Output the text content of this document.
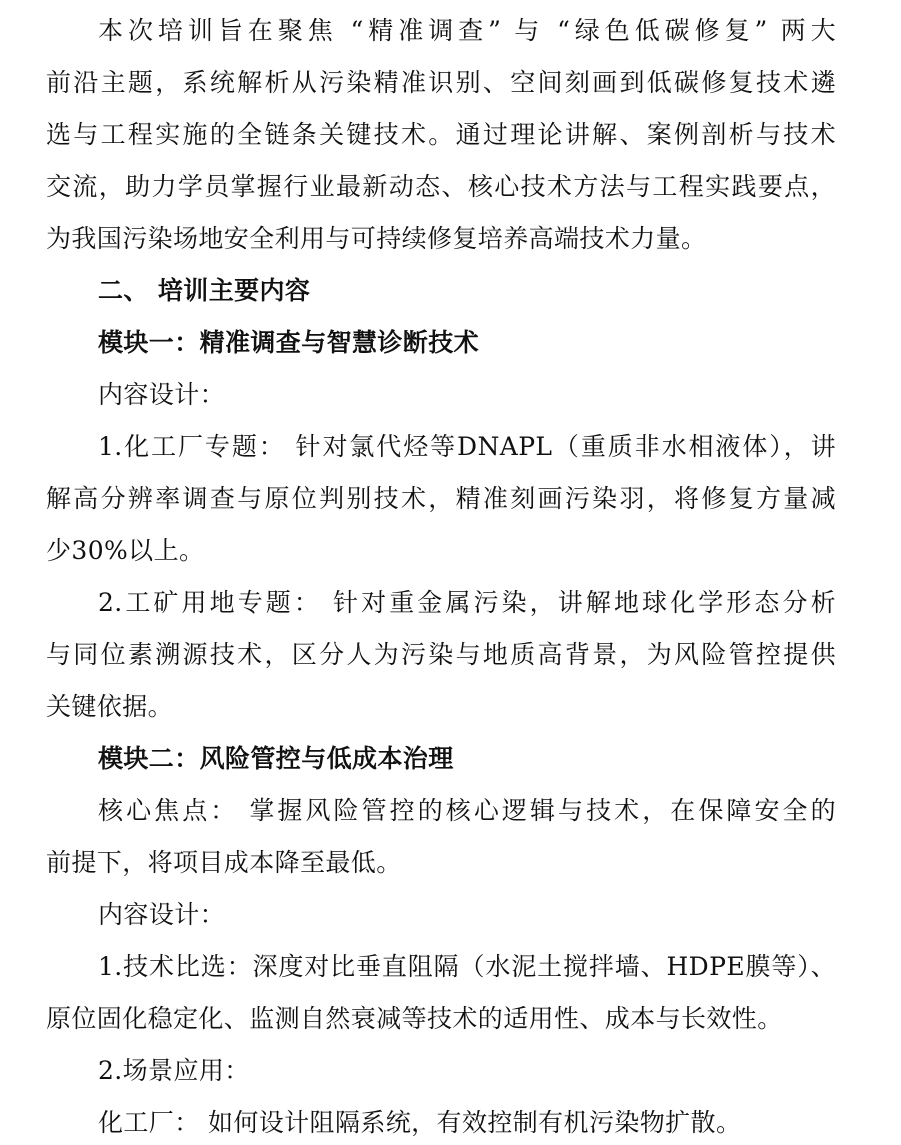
本次培训旨在聚焦 “精准调查” 与 “绿色低碳修复” 两大
前沿主题，系统解析从污染精准识别、空间刻画到低碳修复技术遴
选与工程实施的全链条关键技术。通过理论讲解、案例剖析与技术
交流，助力学员掌握行业最新动态、核心技术方法与工程实践要点，
为我国污染场地安全利用与可持续修复培养高端技术力量。
二、 培训主要内容
模块一：精准调查与智慧诊断技术
内容设计：
1.化工厂专题： 针对氯代烃等DNAPL（重质非水相液体），讲
解高分辨率调查与原位判别技术，精准刻画污染羽，将修复方量减
少30%以上。
2.工矿用地专题： 针对重金属污染，讲解地球化学形态分析
与同位素溯源技术，区分人为污染与地质高背景，为风险管控提供
关键依据。
模块二：风险管控与低成本治理
核心焦点： 掌握风险管控的核心逻辑与技术，在保障安全的
前提下，将项目成本降至最低。
内容设计：
1.技术比选：深度对比垂直阻隔（水泥土搅拌墙、HDPE膜等）、
原位固化稳定化、监测自然衰减等技术的适用性、成本与长效性。
2.场景应用：
化工厂： 如何设计阻隔系统，有效控制有机污染物扩散。
